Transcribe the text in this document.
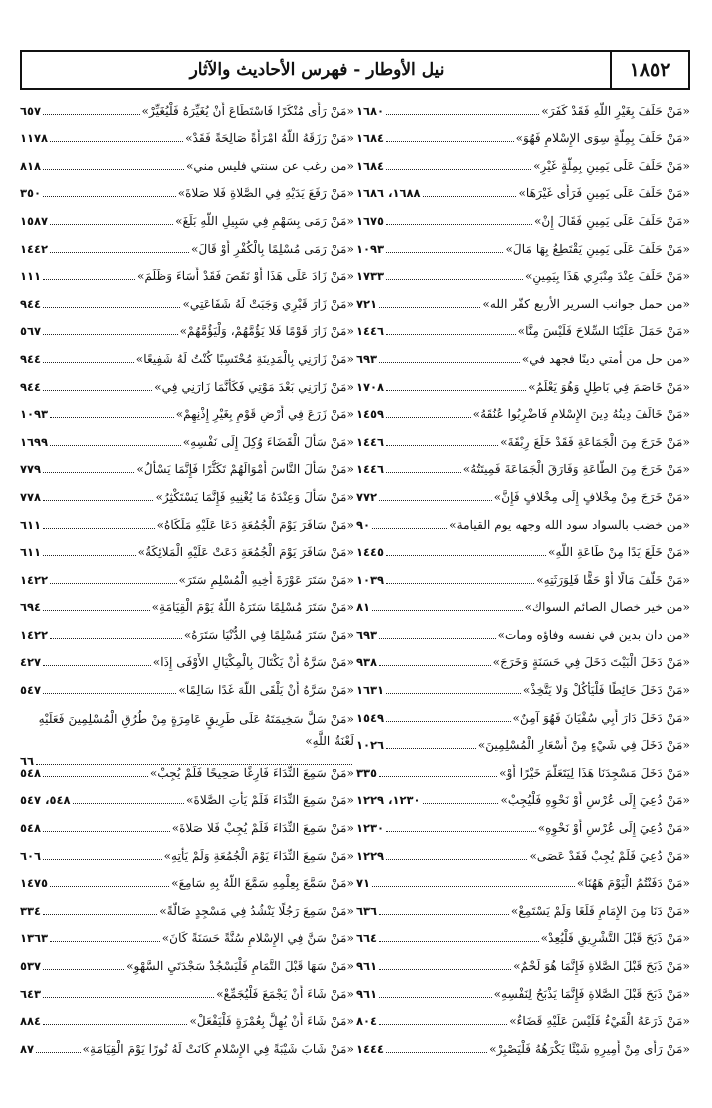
١٨٥٢
نيل الأوطار - فهرس الأحاديث والآثار
«مَنْ حَلَفَ بِغَيْرِ اللَّهِ فَقَدْ كَفَرَ»
١٦٨٠
«مَنْ حَلَفَ بِمِلَّةٍ سِوَى الإِسْلامِ فَهُوَ»
١٦٨٤
«مَنْ حَلَفَ عَلَى يَمِينٍ بِمِلَّةٍ غَيْرِ»
١٦٨٤
«مَنْ حَلَفَ عَلَى يَمِينٍ فَرَأَى غَيْرَهَا»
١٦٨٨، ١٦٨٦
«مَنْ حَلَفَ عَلَى يَمِينٍ فَقَالَ إِنْ»
١٦٧٥
«مَنْ حَلَفَ عَلَى يَمِينٍ يَقْتَطِعُ بِهَا مَالَ»
١٠٩٣
«مَنْ حَلَفَ عِنْدَ مِنْبَرِي هَذَا بِيَمِينٍ»
١٧٣٣
«من حمل جوانب السرير الأربع كفّر الله»
٧٢١
«مَنْ حَمَلَ عَلَيْنَا السِّلاحَ فَلَيْسَ مِنَّا»
١٤٤٦
«من حل من أمتي دينًا فجهد في»
٦٩٣
«مَنْ خَاصَمَ فِي بَاطِلٍ وَهُوَ يَعْلَمُ»
١٧٠٨
«مَنْ خَالَفَ دِينُهُ دِينَ الإِسْلامِ فَاضْرِبُوا عُنُقَهُ»
١٤٥٩
«مَنْ خَرَجَ مِنَ الْجَمَاعَةِ فَقَدْ خَلَعَ رِبْقَةَ»
١٤٤٦
«مَنْ خَرَجَ مِنَ الطَّاعَةِ وَفَارَقَ الْجَمَاعَةَ فَمِيتَتُهُ»
١٤٤٦
«مَنْ خَرَجَ مِنْ مِخْلافٍ إِلَى مِخْلافٍ فَإِنَّ»
٧٧٢
«من خضب بالسواد سود الله وجهه يوم القيامة»
٩٠
«مَنْ خَلَعَ يَدًا مِنْ طَاعَةِ اللَّهِ»
١٤٤٥
«مَنْ خَلَّفَ مَالًا أَوْ حَقًّا فَلِوَرَثَتِهِ»
١٠٣٩
«من خير خصال الصائم السواك»
٨١
«من دان بدين في نفسه وفاؤه ومات»
٦٩٣
«مَنْ دَخَلَ الْبَيْتَ دَخَلَ فِي حَسَنَةٍ وَخَرَجَ»
٩٣٨
«مَنْ دَخَلَ حَائِطًا فَلْيَأْكُلْ وَلا يَتَّخِذْ»
١٦٣١
«مَنْ دَخَلَ دَارَ أَبِي سُفْيَانَ فَهُوَ آمِنٌ»
١٥٤٩
«مَنْ دَخَلَ فِي شَيْءٍ مِنْ أَسْعَارِ الْمُسْلِمِينَ»
١٠٢٦
«مَنْ دَخَلَ مَسْجِدَنَا هَذَا لِيَتَعَلَّمَ خَيْرًا أَوْ»
٣٣٥
«مَنْ دُعِيَ إِلَى عُرْسٍ أَوْ نَحْوِهِ فَلْيُجِبْ»
١٢٣٠، ١٢٢٩
«مَنْ دُعِيَ إِلَى عُرْسٍ أَوْ نَحْوِهِ»
١٢٣٠
«مَنْ دُعِيَ فَلَمْ يُجِبْ فَقَدْ عَصَى»
١٢٢٩
«مَنْ دَفَنْتُمُ الْيَوْمَ هَهُنَا»
٧١
«مَنْ دَنَا مِنَ الإِمَامِ فَلَغَا وَلَمْ يَسْتَمِعْ»
٦٣٦
«مَنْ ذَبَحَ قَبْلَ التَّشْرِيقِ فَلْيُعِدْ»
٦٦٤
«مَنْ ذَبَحَ قَبْلَ الصَّلاةِ فَإِنَّمَا هُوَ لَحْمٌ»
٩٦١
«مَنْ ذَبَحَ قَبْلَ الصَّلاةِ فَإِنَّمَا يَذْبَحُ لِنَفْسِهِ»
٩٦١
«مَنْ ذَرَعَهُ الْقَيْءُ فَلَيْسَ عَلَيْهِ قَضَاءٌ»
٨٠٤
«مَنْ رَأَى مِنْ أَمِيرِهِ شَيْئًا يَكْرَهُهُ فَلْيَصْبِرْ»
١٤٤٤
«مَنْ رَأَى مُنْكَرًا فَاسْتَطَاعَ أَنْ يُغَيِّرَهُ فَلْيُغَيِّرْ»
٦٥٧
«مَنْ رَزَقَهُ اللَّهُ امْرَأَةً صَالِحَةً فَقَدْ»
١١٧٨
«من رغب عن سنتي فليس مني»
٨١٨
«مَنْ رَفَعَ يَدَيْهِ فِي الصَّلاةِ فَلا صَلاةَ»
٣٥٠
«مَنْ رَمَى بِسَهْمٍ فِي سَبِيلِ اللَّهِ بَلَغَ»
١٥٨٧
«مَنْ رَمَى مُسْلِمًا بِالْكُفْرِ أَوْ قَالَ»
١٤٤٢
«مَنْ زَادَ عَلَى هَذَا أَوْ نَقَصَ فَقَدْ أَسَاءَ وَظَلَمَ»
١١١
«مَنْ زَارَ قَبْرِي وَجَبَتْ لَهُ شَفَاعَتِي»
٩٤٤
«مَنْ زَارَ قَوْمًا فَلا يَؤُمَّهُمْ، وَلْيَؤُمَّهُمْ»
٥٦٧
«مَنْ زَارَنِي بِالْمَدِينَةِ مُحْتَسِبًا كُنْتُ لَهُ شَفِيعًا»
٩٤٤
«مَنْ زَارَنِي بَعْدَ مَوْتِي فَكَأَنَّمَا زَارَنِي فِي»
٩٤٤
«مَنْ زَرَعَ فِي أَرْضِ قَوْمٍ بِغَيْرِ إِذْنِهِمْ»
١٠٩٣
«مَنْ سَأَلَ الْقَضَاءَ وُكِلَ إِلَى نَفْسِهِ»
١٦٩٩
«مَنْ سَأَلَ النَّاسَ أَمْوَالَهُمْ تَكَثُّرًا فَإِنَّمَا يَسْأَلُ»
٧٧٩
«مَنْ سَأَلَ وَعِنْدَهُ مَا يُغْنِيهِ فَإِنَّمَا يَسْتَكْثِرُ»
٧٧٨
«مَنْ سَافَرَ يَوْمَ الْجُمُعَةِ دَعَا عَلَيْهِ مَلَكَاهُ»
٦١١
«مَنْ سَافَرَ يَوْمَ الْجُمُعَةِ دَعَتْ عَلَيْهِ الْمَلائِكَةُ»
٦١١
«مَنْ سَتَرَ عَوْرَةَ أَخِيهِ الْمُسْلِمِ سَتَرَ»
١٤٢٢
«مَنْ سَتَرَ مُسْلِمًا سَتَرَهُ اللَّهُ يَوْمَ الْقِيَامَةِ»
٦٩٤
«مَنْ سَتَرَ مُسْلِمًا فِي الدُّنْيَا سَتَرَهُ»
١٤٢٢
«مَنْ سَرَّهُ أَنْ يَكْتَالَ بِالْمِكْيَالِ الأَوْفَى إِذَا»
٤٢٧
«مَنْ سَرَّهُ أَنْ يَلْقَى اللَّهَ غَدًا سَالِمًا»
٥٤٧
«مَنْ سَلَّ سَخِيمَتَهُ عَلَى طَرِيقٍ عَامِرَةٍ مِنْ طُرُقِ الْمُسْلِمِينَ فَعَلَيْهِ لَعْنَةُ اللَّهِ»
٦٦
«مَنْ سَمِعَ النِّدَاءَ فَارِغًا صَحِيحًا فَلَمْ يُجِبْ»
٥٤٨
«مَنْ سَمِعَ النِّدَاءَ فَلَمْ يَأْتِ الصَّلاةَ»
٥٤٨، ٥٤٧
«مَنْ سَمِعَ النِّدَاءَ فَلَمْ يُجِبْ فَلا صَلاةَ»
٥٤٨
«مَنْ سَمِعَ النِّدَاءَ يَوْمَ الْجُمُعَةِ وَلَمْ يَأْتِهِ»
٦٠٦
«مَنْ سَمَّعَ بِعِلْمِهِ سَمَّعَ اللَّهُ بِهِ سَامِعَ»
١٤٧٥
«مَنْ سَمِعَ رَجُلًا يَنْشُدُ فِي مَسْجِدٍ ضَالَّةً»
٣٣٤
«مَنْ سَنَّ فِي الإِسْلامِ سُنَّةً حَسَنَةً كَانَ»
١٣٦٣
«مَنْ سَهَا قَبْلَ التَّمَامِ فَلْيَسْجُدْ سَجْدَتَيِ السَّهْوِ»
٥٣٧
«مَنْ شَاءَ أَنْ يَجْمَعَ فَلْيُجَمِّعْ»
٦٤٣
«مَنْ شَاءَ أَنْ يُهِلَّ بِعُمْرَةٍ فَلْيَفْعَلْ»
٨٨٤
«مَنْ شَابَ شَيْبَةً فِي الإِسْلامِ كَانَتْ لَهُ نُورًا يَوْمَ الْقِيَامَةِ»
٨٧
